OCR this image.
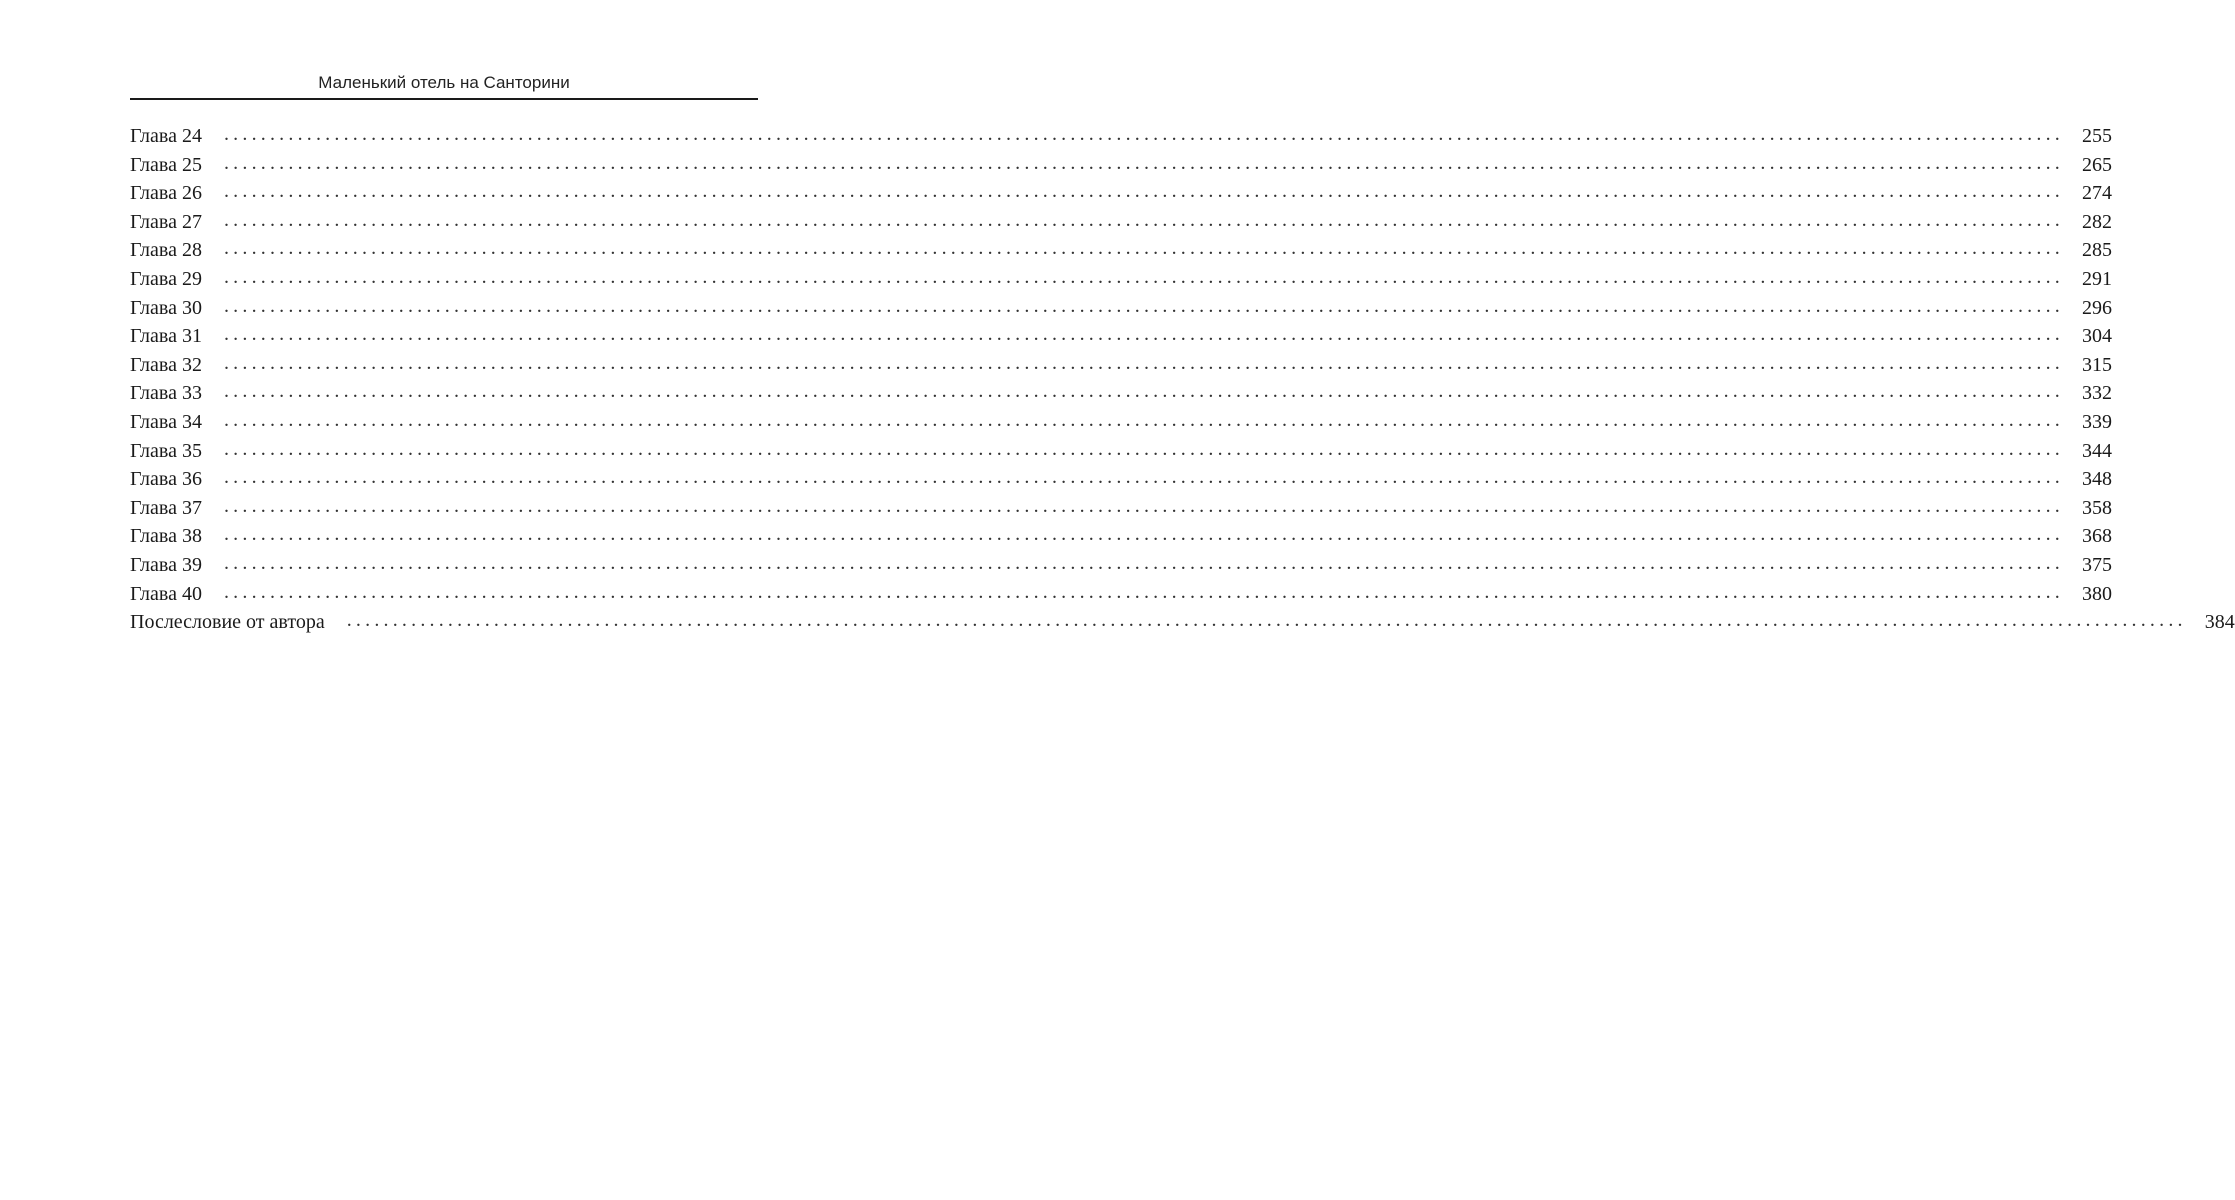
Маленький отель на Санторини
Глава 24	........................................................................................................................................................................................................ 255
Глава 25	........................................................................................................................................................................................................ 265
Глава 26	........................................................................................................................................................................................................ 274
Глава 27	........................................................................................................................................................................................................ 282
Глава 28	........................................................................................................................................................................................................ 285
Глава 29	........................................................................................................................................................................................................ 291
Глава 30	........................................................................................................................................................................................................ 296
Глава 31	........................................................................................................................................................................................................ 304
Глава 32	........................................................................................................................................................................................................ 315
Глава 33	........................................................................................................................................................................................................ 332
Глава 34	........................................................................................................................................................................................................ 339
Глава 35	........................................................................................................................................................................................................ 344
Глава 36	........................................................................................................................................................................................................ 348
Глава 37	........................................................................................................................................................................................................ 358
Глава 38	........................................................................................................................................................................................................ 368
Глава 39	........................................................................................................................................................................................................ 375
Глава 40	........................................................................................................................................................................................................ 380
Послесловие от автора	........................................................................................................................................................................................................ 384
